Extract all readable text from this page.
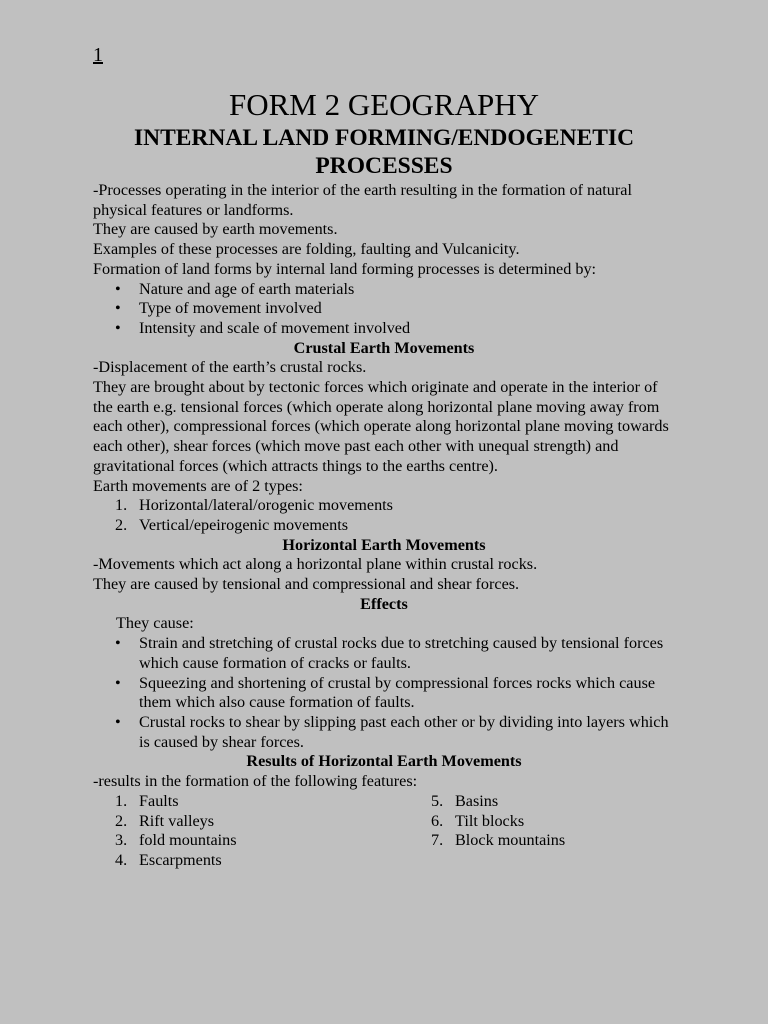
1
FORM 2 GEOGRAPHY
INTERNAL LAND FORMING/ENDOGENETIC PROCESSES

-Processes operating in the interior of the earth resulting in the formation of natural physical features or landforms.

They are caused by earth movements.

Examples of these processes are folding, faulting and Vulcanicity.

Formation of land forms by internal land forming processes is determined by:

• Nature and age of earth materials
• Type of movement involved
• Intensity and scale of movement involved

Crustal Earth Movements

-Displacement of the earth’s crustal rocks.

They are brought about by tectonic forces which originate and operate in the interior of the earth e.g. tensional forces (which operate along horizontal plane moving away from each other), compressional forces (which operate along horizontal plane moving towards each other), shear forces (which move past each other with unequal strength) and gravitational forces (which attracts things to the earths centre).

Earth movements are of 2 types:

1. Horizontal/lateral/orogenic movements
2. Vertical/epeirogenic movements

Horizontal Earth Movements

-Movements which act along a horizontal plane within crustal rocks.

They are caused by tensional and compressional and shear forces.

Effects

They cause:

• Strain and stretching of crustal rocks due to stretching caused by tensional forces which cause formation of cracks or faults.
• Squeezing and shortening of crustal by compressional forces rocks which cause them which also cause formation of faults.
• Crustal rocks to shear by slipping past each other or by dividing into layers which is caused by shear forces.

Results of Horizontal Earth Movements

-results in the formation of the following features:

1. Faults
2. Rift valleys
3. fold mountains
4. Escarpments
5. Basins
6. Tilt blocks
7. Block mountains
